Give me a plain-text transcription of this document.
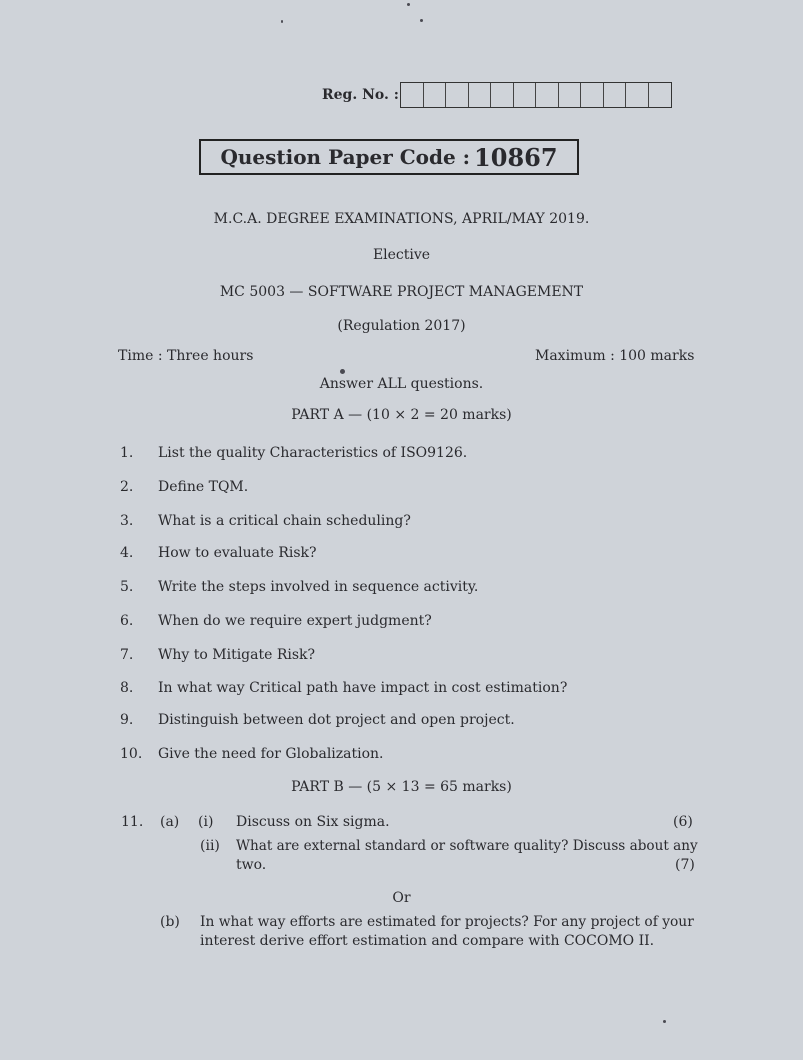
Reg. No. :
Question Paper Code : 10867
M.C.A. DEGREE EXAMINATIONS, APRIL/MAY 2019.
Elective
MC 5003 — SOFTWARE PROJECT MANAGEMENT
(Regulation 2017)
Time : Three hours	Maximum : 100 marks
Answer ALL questions.
PART A — (10 × 2 = 20 marks)
1. List the quality Characteristics of ISO9126.
2. Define TQM.
3. What is a critical chain scheduling?
4. How to evaluate Risk?
5. Write the steps involved in sequence activity.
6. When do we require expert judgment?
7. Why to Mitigate Risk?
8. In what way Critical path have impact in cost estimation?
9. Distinguish between dot project and open project.
10. Give the need for Globalization.
PART B — (5 × 13 = 65 marks)
11. (a) (i) Discuss on Six sigma.	(6)
(ii) What are external standard or software quality? Discuss about any
two.	(7)
Or
(b) In what way efforts are estimated for projects? For any project of your
interest derive effort estimation and compare with COCOMO II.
